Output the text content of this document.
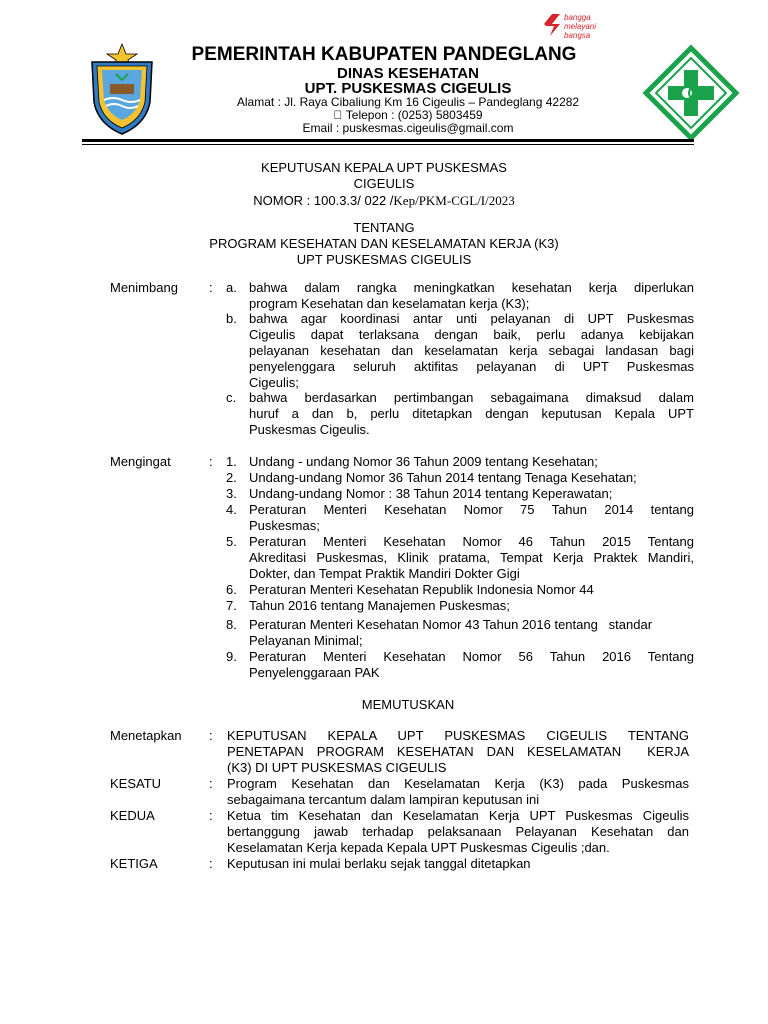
bangga
melayani
bangsa
PEMERINTAH KABUPATEN PANDEGLANG
DINAS KESEHATAN
UPT. PUSKESMAS CIGEULIS
Alamat : Jl. Raya Cibaliung Km 16 Cigeulis – Pandeglang 42282
Telepon : (0253) 5803459
Email : puskesmas.cigeulis@gmail.com
KEPUTUSAN KEPALA UPT PUSKESMAS
CIGEULIS
NOMOR : 100.3.3/ 022 /Kep/PKM-CGL/I/2023
TENTANG
PROGRAM KESEHATAN DAN KESELAMATAN KERJA (K3)
UPT PUSKESMAS CIGEULIS
Menimbang : a. bahwa dalam rangka meningkatkan kesehatan kerja diperlukan
program Kesehatan dan keselamatan kerja (K3);
b. bahwa agar koordinasi antar unti pelayanan di UPT Puskesmas
Cigeulis dapat terlaksana dengan baik, perlu adanya kebijakan
pelayanan kesehatan dan keselamatan kerja sebagai landasan bagi
penyelenggara seluruh aktifitas pelayanan di UPT Puskesmas
Cigeulis;
c. bahwa berdasarkan pertimbangan sebagaimana dimaksud dalam
huruf a dan b, perlu ditetapkan dengan keputusan Kepala UPT
Puskesmas Cigeulis.
Mengingat	: 1. Undang - undang Nomor 36 Tahun 2009 tentang Kesehatan;
2. Undang-undang Nomor 36 Tahun 2014 tentang Tenaga Kesehatan;
3. Undang-undang Nomor : 38 Tahun 2014 tentang Keperawatan;
4. Peraturan Menteri Kesehatan Nomor 75 Tahun 2014 tentang
Puskesmas;
5. Peraturan Menteri Kesehatan Nomor 46 Tahun 2015 Tentang
Akreditasi Puskesmas, Klinik pratama, Tempat Kerja Praktek Mandiri,
Dokter, dan Tempat Praktik Mandiri Dokter Gigi
6. Peraturan Menteri Kesehatan Republik Indonesia Nomor 44
7. Tahun 2016 tentang Manajemen Puskesmas;
8. Peraturan Menteri Kesehatan Nomor 43 Tahun 2016 tentang   standar
Pelayanan Minimal;
9. Peraturan Menteri Kesehatan Nomor 56 Tahun 2016 Tentang
Penyelenggaraan PAK
MEMUTUSKAN
Menetapkan : KEPUTUSAN KEPALA UPT PUSKESMAS CIGEULIS TENTANG
PENETAPAN PROGRAM KESEHATAN DAN KESELAMATAN  KERJA
(K3) DI UPT PUSKESMAS CIGEULIS
KESATU	: Program Kesehatan dan Keselamatan Kerja (K3) pada Puskesmas
sebagaimana tercantum dalam lampiran keputusan ini
KEDUA	: Ketua tim Kesehatan dan Keselamatan Kerja UPT Puskesmas Cigeulis
bertanggung jawab terhadap pelaksanaan Pelayanan Kesehatan dan
Keselamatan Kerja kepada Kepala UPT Puskesmas Cigeulis ;dan.
KETIGA	: Keputusan ini mulai berlaku sejak tanggal ditetapkan
